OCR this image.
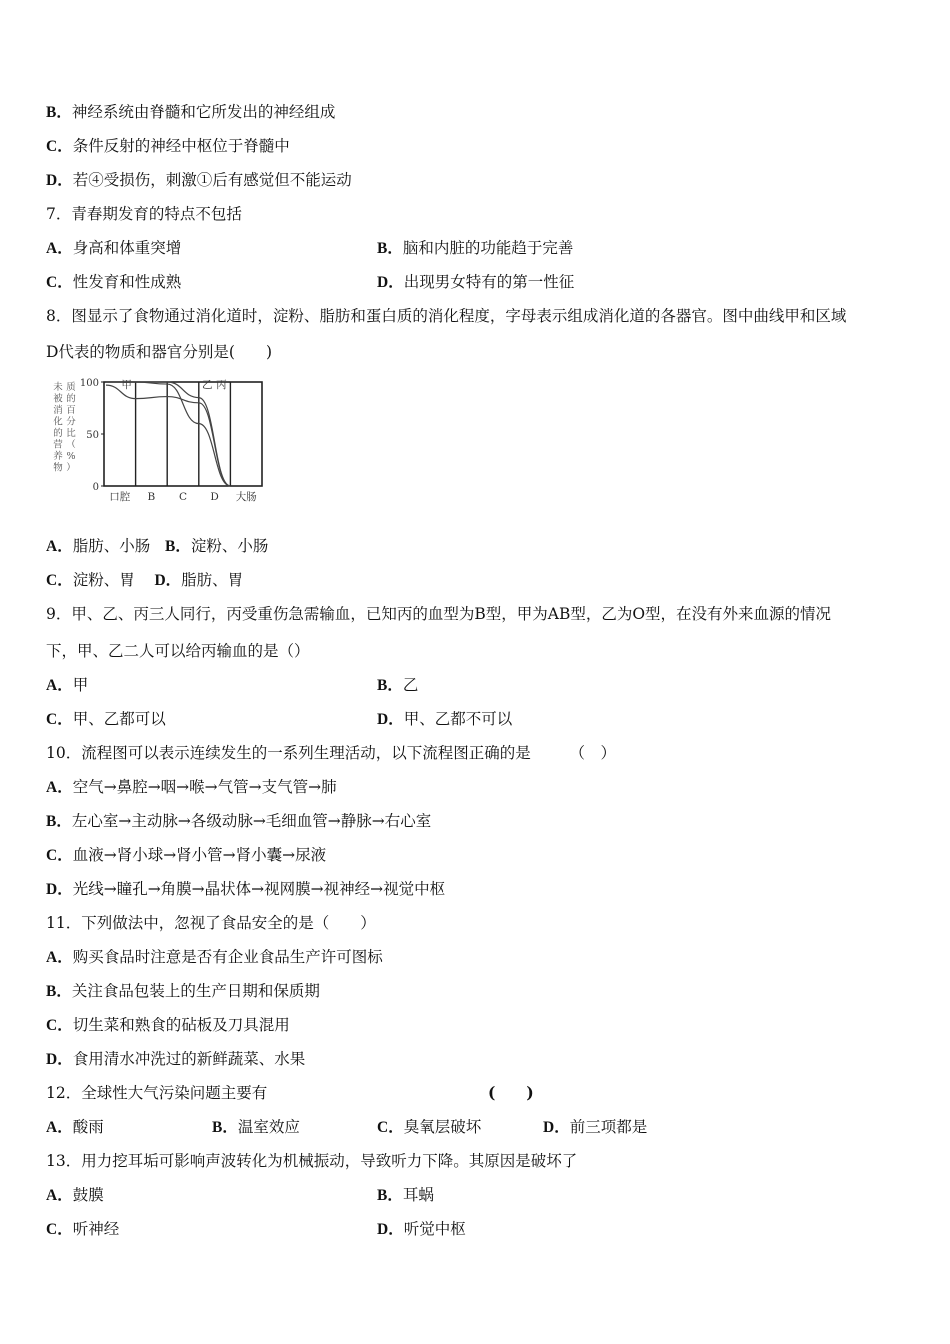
B．神经系统由脊髓和它所发出的神经组成
C．条件反射的神经中枢位于脊髓中
D．若④受损伤，刺激①后有感觉但不能运动
7．青春期发育的特点不包括
A．身高和体重突增	B．脑和内脏的功能趋于完善
C．性发育和性成熟	D．出现男女特有的第一性征
8．图显示了食物通过消化道时，淀粉、脂肪和蛋白质的消化程度，字母表示组成消化道的各器官。图中曲线甲和区域
D代表的物质和器官分别是(　　)
未
被
消
化
的
营
养
物
质
的
百
分
比
（
%
）
100
50
0
甲	乙 丙
口腔 B C D 大肠
A．脂肪、小肠 B．淀粉、小肠
C．淀粉、胃 D．脂肪、胃
9．甲、乙、丙三人同行，丙受重伤急需输血，已知丙的血型为B型，甲为AB型，乙为O型，在没有外来血源的情况
下，甲、乙二人可以给丙输血的是（）
A．甲	B．乙
C．甲、乙都可以	D．甲、乙都不可以
10．流程图可以表示连续发生的一系列生理活动，以下流程图正确的是　　　（　）
A．空气→鼻腔→咽→喉→气管→支气管→肺
B．左心室→主动脉→各级动脉→毛细血管→静脉→右心室
C．血液→肾小球→肾小管→肾小囊→尿液
D．光线→瞳孔→角膜→晶状体→视网膜→视神经→视觉中枢
11．下列做法中，忽视了食品安全的是（　　）
A．购买食品时注意是否有企业食品生产许可图标
B．关注食品包装上的生产日期和保质期
C．切生菜和熟食的砧板及刀具混用
D．食用清水冲洗过的新鲜蔬菜、水果
12．全球性大气污染问题主要有	(　　)
A．酸雨	B．温室效应	C．臭氧层破坏	D．前三项都是
13．用力挖耳垢可影响声波转化为机械振动，导致听力下降。其原因是破坏了
A．鼓膜	B．耳蜗
C．听神经	D．听觉中枢
